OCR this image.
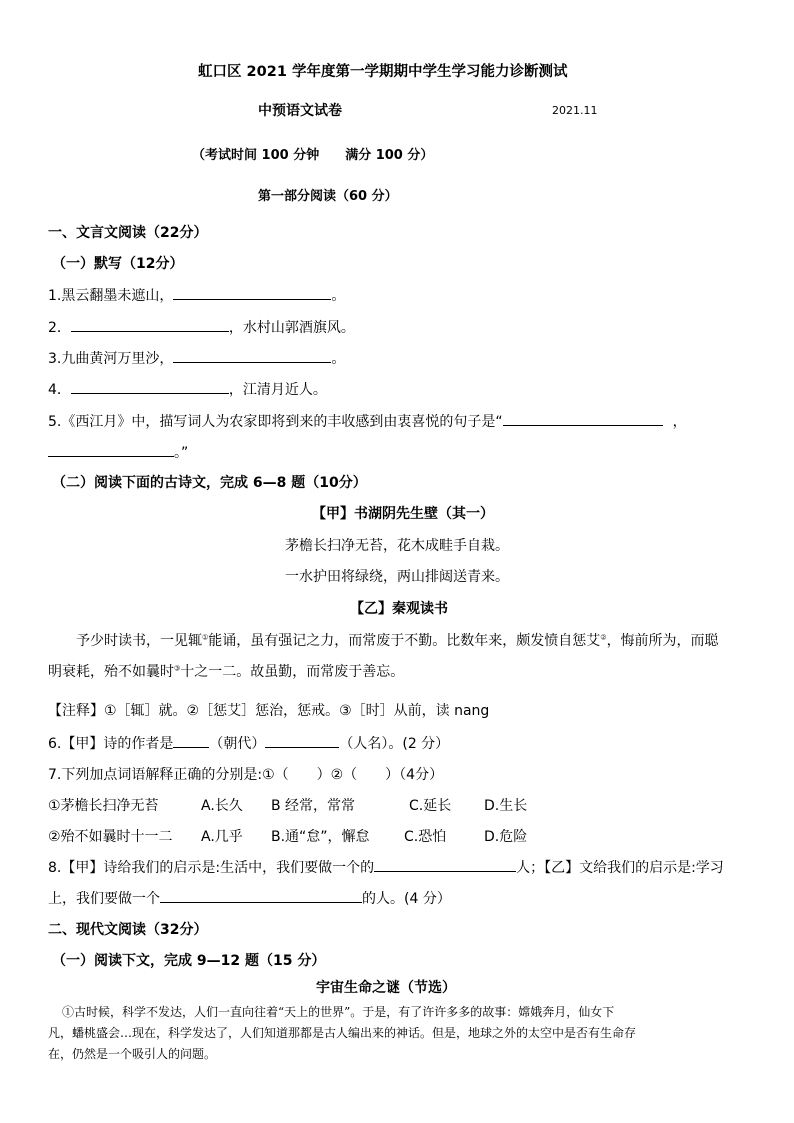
虹口区 2021 学年度第一学期期中学生学习能力诊断测试
中预语文试卷	2021.11
（考试时间 100 分钟　　满分 100 分）
第一部分阅读（60 分）
一、文言文阅读（22分）
（一）默写（12分）
1.黑云翻墨未遮山，	。
2．	，水村山郭酒旗风。
3.九曲黄河万里沙，	。
4．	，江清月近人。
5.《西江月》中，描写词人为农家即将到来的丰收感到由衷喜悦的句子是“	，
。”
（二）阅读下面的古诗文，完成 6—8 题（10分）
【甲】书湖阴先生壁（其一）
茅檐长扫净无苔，花木成畦手自栽。
一水护田将绿绕，两山排闼送青来。
【乙】秦观读书
予少时读书，一见辄①能诵，虽有强记之力，而常废于不勤。比数年来，颇发愤自惩艾②，悔前所为，而聪
明衰耗，殆不如曩时③十之一二。故虽勤，而常废于善忘。
【注释】①［辄］就。②［惩艾］惩治，惩戒。③［时］从前，读 nang
6.【甲】诗的作者是	（朝代）	（人名）。(2 分）
7.下列加点词语解释正确的分别是:①（　　）②（　　）（4分）
①茅檐长扫净无苔	A.长久 B 经常，常常	C.延长 D.生长
②殆不如曩时十一二 A.几乎 B.通“怠”，懈怠 C.恐怕	D.危险
8.【甲】诗给我们的启示是:生活中，我们要做一个的	人；【乙】文给我们的启示是:学习
上，我们要做一个	的人。(4 分）
二、现代文阅读（32分）
（一）阅读下文，完成 9—12 题（15 分）
宇宙生命之谜（节选）
①古时候，科学不发达，人们一直向往着“天上的世界”。于是，有了许许多多的故事：嫦娥奔月，仙女下
凡，蟠桃盛会…现在，科学发达了，人们知道那都是古人编出来的神话。但是，地球之外的太空中是否有生命存
在，仍然是一个吸引人的问题。
